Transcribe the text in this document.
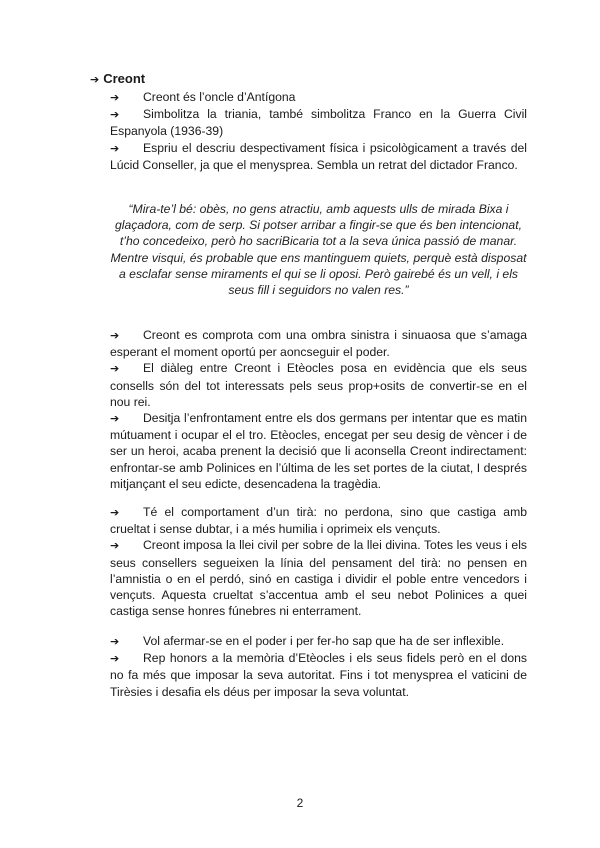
➔ Creont

➔ Creont és l’oncle d’Antígona

➔ Simbolitza la triania, també simbolitza Franco en la Guerra Civil Espanyola (1936-39)

➔ Espriu el descriu despectivament física i psicològicament a través del Lúcid Conseller, ja que el menysprea. Sembla un retrat del dictador Franco.

“Mira-te’l bé: obès, no gens atractiu, amb aquests ulls de mirada Bixa i glaçadora, com de serp. Si potser arribar a fingir-se que és ben intencionat, t’ho concedeixo, però ho sacriBicaria tot a la seva única passió de manar. Mentre visqui, és probable que ens mantinguem quiets, perquè està disposat a esclafar sense miraments el qui se li oposi. Però gairebé és un vell, i els seus fill i seguidors no valen res.”

➔ Creont es comprota com una ombra sinistra i sinuaosa que s’amaga esperant el moment oportú per aoncseguir el poder.

➔ El diàleg entre Creont i Etèocles posa en evidència que els seus consells són del tot interessats pels seus prop+osits de convertir-se en el nou rei.

➔ Desitja l’enfrontament entre els dos germans per intentar que es matin mútuament i ocupar el el tro. Etèocles, encegat per seu desig de vèncer i de ser un heroi, acaba prenent la decisió que li aconsella Creont indirectament: enfrontar-se amb Polinices en l’última de les set portes de la ciutat, I després mitjançant el seu edicte, desencadena la tragèdia.

➔ Té el comportament d’un tirà: no perdona, sino que castiga amb crueltat i sense dubtar, i a més humilia i oprimeix els vençuts.

➔ Creont imposa la llei civil per sobre de la llei divina. Totes les veus i els seus consellers segueixen la línia del pensament del tirà: no pensen en l’amnistia o en el perdó, sinó en castiga i dividir el poble entre vencedors i vençuts. Aquesta crueltat s’accentua amb el seu nebot Polinices a quei castiga sense honres fúnebres ni enterrament.

➔ Vol afermar-se en el poder i per fer-ho sap que ha de ser inflexible.

➔ Rep honors a la memòria d’Etèocles i els seus fidels però en el dons no fa més que imposar la seva autoritat. Fins i tot menysprea el vaticini de Tirèsies i desafia els déus per imposar la seva voluntat.

2
